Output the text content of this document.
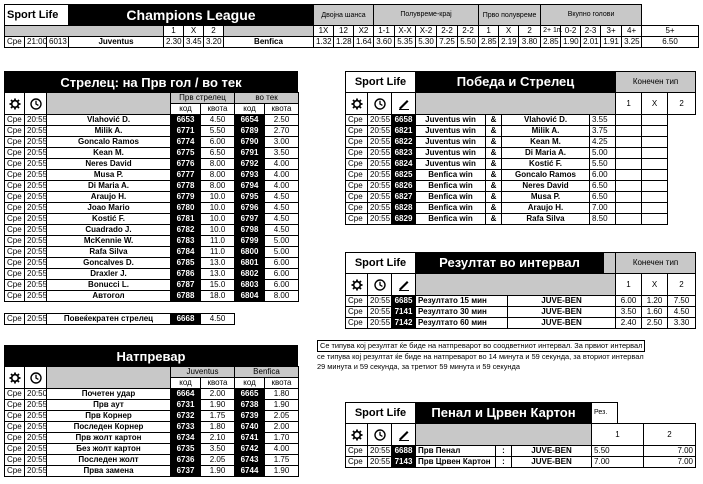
Sport Life			Champions League					Двојна шанса			Полувреме-крај					Прво полувреме			Вкупно голови					
				1	X	2		1X	12	X2	1-1	X-X	X-2	2-2	2-2	1	X	2	2+ 1п.	0-2	2-3	3+	4+	5+
Сре	21:00	6013	Juventus	2.30	3.45	3.20	Benfica	1.32	1.28	1.64	3.60	5.35	5.30	7.25	5.50	2.85	2.19	3.80	2.85	1.90	2.01	1.91	3.25	6.50
Стрелец: на Прв гол / во тек
			Прв стрелец		во тек	
			код	квота	код	квота
Сре	20:55	Vlahović D.	6653	4.50	6654	2.50
Сре	20:55	Milik A.	6771	5.50	6789	2.70
Сре	20:55	Goncalo Ramos	6774	6.00	6790	3.00
Сре	20:55	Kean M.	6775	6.50	6791	3.50
Сре	20:55	Neres David	6776	8.00	6792	4.00
Сре	20:55	Musa P.	6777	8.00	6793	4.00
Сре	20:55	Di Maria A.	6778	8.00	6794	4.00
Сре	20:55	Araujo H.	6779	10.0	6795	4.50
Сре	20:55	Joao Mario	6780	10.0	6796	4.50
Сре	20:55	Kostić F.	6781	10.0	6797	4.50
Сре	20:55	Cuadrado J.	6782	10.0	6798	4.50
Сре	20:55	McKennie W.	6783	11.0	6799	5.00
Сре	20:55	Rafa Silva	6784	11.0	6800	5.00
Сре	20:55	Goncalves D.	6785	13.0	6801	6.00
Сре	20:55	Draxler J.	6786	13.0	6802	6.00
Сре	20:55	Bonucci L.	6787	15.0	6803	6.00
Сре	20:55	Автогол	6788	18.0	6804	8.00
Сре	20:55	Повеќекратен стрелец	6668	4.50
Натпревар
			Juventus		Benfica	
			код	квота	код	квота
Сре	20:50	Почетен удар	6664	2.00	6665	1.80
Сре	20:55	Прв аут	6731	1.90	6738	1.90
Сре	20:55	Прв Корнер	6732	1.75	6739	2.05
Сре	20:55	Последен Корнер	6733	1.80	6740	2.00
Сре	20:55	Прв жолт картон	6734	2.10	6741	1.70
Сре	20:55	Без жолт картон	6735	3.50	6742	4.00
Сре	20:55	Последен жолт	6736	2.05	6743	1.75
Сре	20:55	Прва замена	6737	1.90	6744	1.90
Sport Life			Победа и Стрелец				Конечен тип		
				1	X	2
Сре	20:55	6658	Juventus win	&	Vlahović D.	3.55			
Сре	20:55	6821	Juventus win	&	Milik A.	3.75			
Сре	20:55	6822	Juventus win	&	Kean M.	4.25			
Сре	20:55	6823	Juventus win	&	Di Maria A.	5.00			
Сре	20:55	6824	Juventus win	&	Kostić F.	5.50			
Сре	20:55	6825	Benfica win	&	Goncalo Ramos	6.00			
Сре	20:55	6826	Benfica win	&	Neres David	6.50			
Сре	20:55	6827	Benfica win	&	Musa P.	6.50			
Сре	20:55	6828	Benfica win	&	Araujo H.	7.00			
Сре	20:55	6829	Benfica win	&	Rafa Silva	8.50			
Sport Life			Резултат во интервал			Конечен тип		
				1	X	2
Сре	20:55	6685	Резултато 15 мин	JUVE-BEN		6.00	1.20	7.50
Сре	20:55	7141	Резултато 30 мин	JUVE-BEN		3.50	1.60	4.50
Сре	20:55	7142	Резултато 60 мин	JUVE-BEN		2.40	2.50	3.30
Се типува кој резултат ќе биде на натпреварот во соодветниот интервал. За првиот интервал
се типува кој резултат ќе биде на натпреварот во 14 минута и 59 секунда, за вториот интервал
29 минута и 59 секунда, за третиот 59 минута и 59 секунда
Sport Life			Пенал и Црвен Картон			Рез.		
				1		2
Сре	20:55	6688	Прв Пенал	:	JUVE-BEN	5.50		7.00
Сре	20:55	7143	Прв Црвен Картон	:	JUVE-BEN	7.00		7.00
